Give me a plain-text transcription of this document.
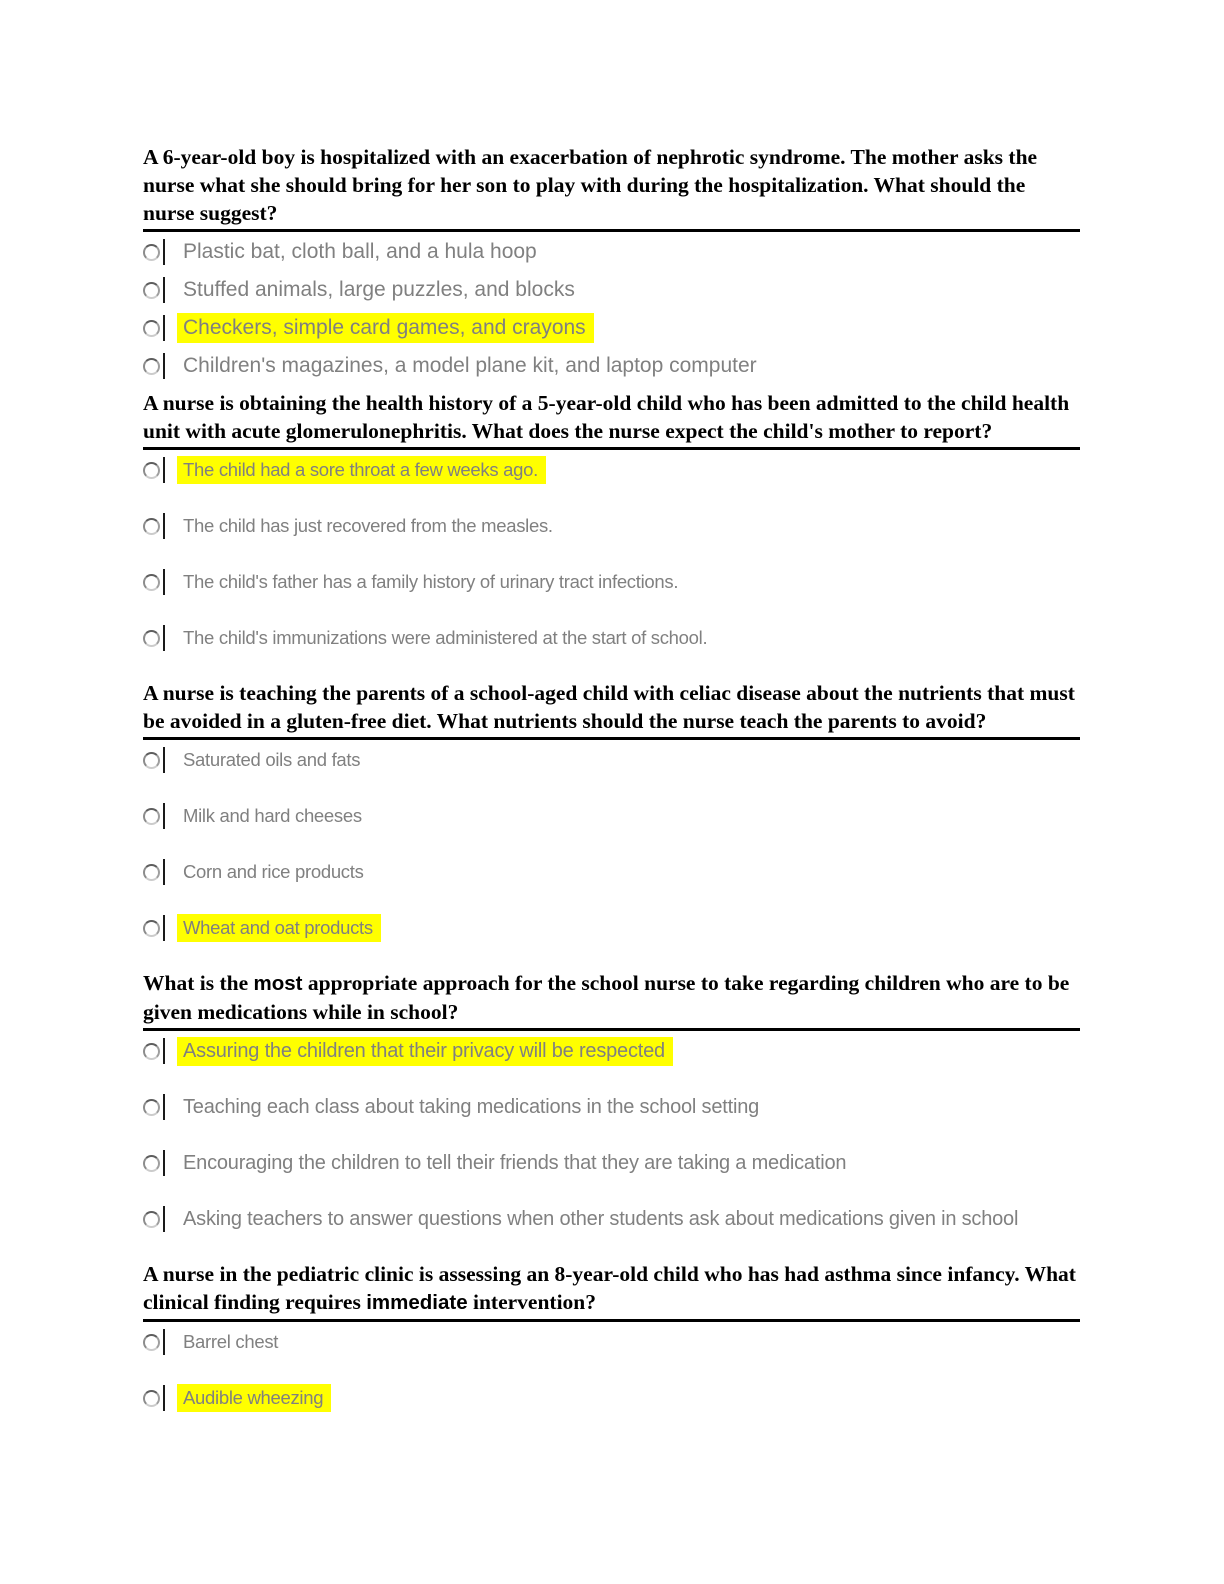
A 6-year-old boy is hospitalized with an exacerbation of nephrotic syndrome. The mother asks the nurse what she should bring for her son to play with during the hospitalization. What should the nurse suggest?

Plastic bat, cloth ball, and a hula hoop
Stuffed animals, large puzzles, and blocks
Checkers, simple card games, and crayons
Children's magazines, a model plane kit, and laptop computer

A nurse is obtaining the health history of a 5-year-old child who has been admitted to the child health unit with acute glomerulonephritis. What does the nurse expect the child's mother to report?

The child had a sore throat a few weeks ago.
The child has just recovered from the measles.
The child's father has a family history of urinary tract infections.
The child's immunizations were administered at the start of school.

A nurse is teaching the parents of a school-aged child with celiac disease about the nutrients that must be avoided in a gluten-free diet. What nutrients should the nurse teach the parents to avoid?

Saturated oils and fats
Milk and hard cheeses
Corn and rice products
Wheat and oat products

What is the most appropriate approach for the school nurse to take regarding children who are to be given medications while in school?

Assuring the children that their privacy will be respected
Teaching each class about taking medications in the school setting
Encouraging the children to tell their friends that they are taking a medication
Asking teachers to answer questions when other students ask about medications given in school

A nurse in the pediatric clinic is assessing an 8-year-old child who has had asthma since infancy. What clinical finding requires immediate intervention?

Barrel chest
Audible wheezing
